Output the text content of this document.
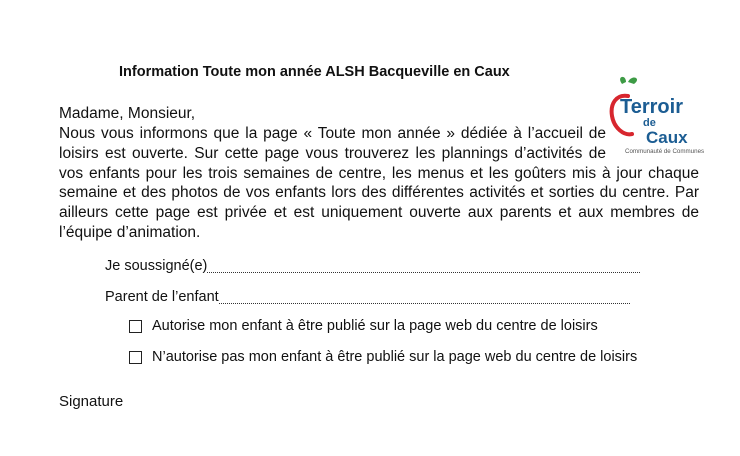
Information Toute mon année ALSH Bacqueville en Caux
Terroir
de
Caux
Communauté de Communes
Madame, Monsieur,

Nous vous informons que la page « Toute mon année » dédiée à l’accueil de
loisirs est ouverte. Sur cette page vous trouverez les plannings d’activités de
vos enfants pour les trois semaines de centre, les menus et les goûters mis à jour chaque
semaine et des photos de vos enfants lors des différentes activités et sorties du centre. Par
ailleurs cette page est privée et est uniquement ouverte aux parents et aux membres de
l’équipe d’animation.

Je soussigné(e)
Parent de l’enfant
Autorise mon enfant à être publié sur la page web du centre de loisirs
N’autorise pas mon enfant à être publié sur la page web du centre de loisirs
Signature
